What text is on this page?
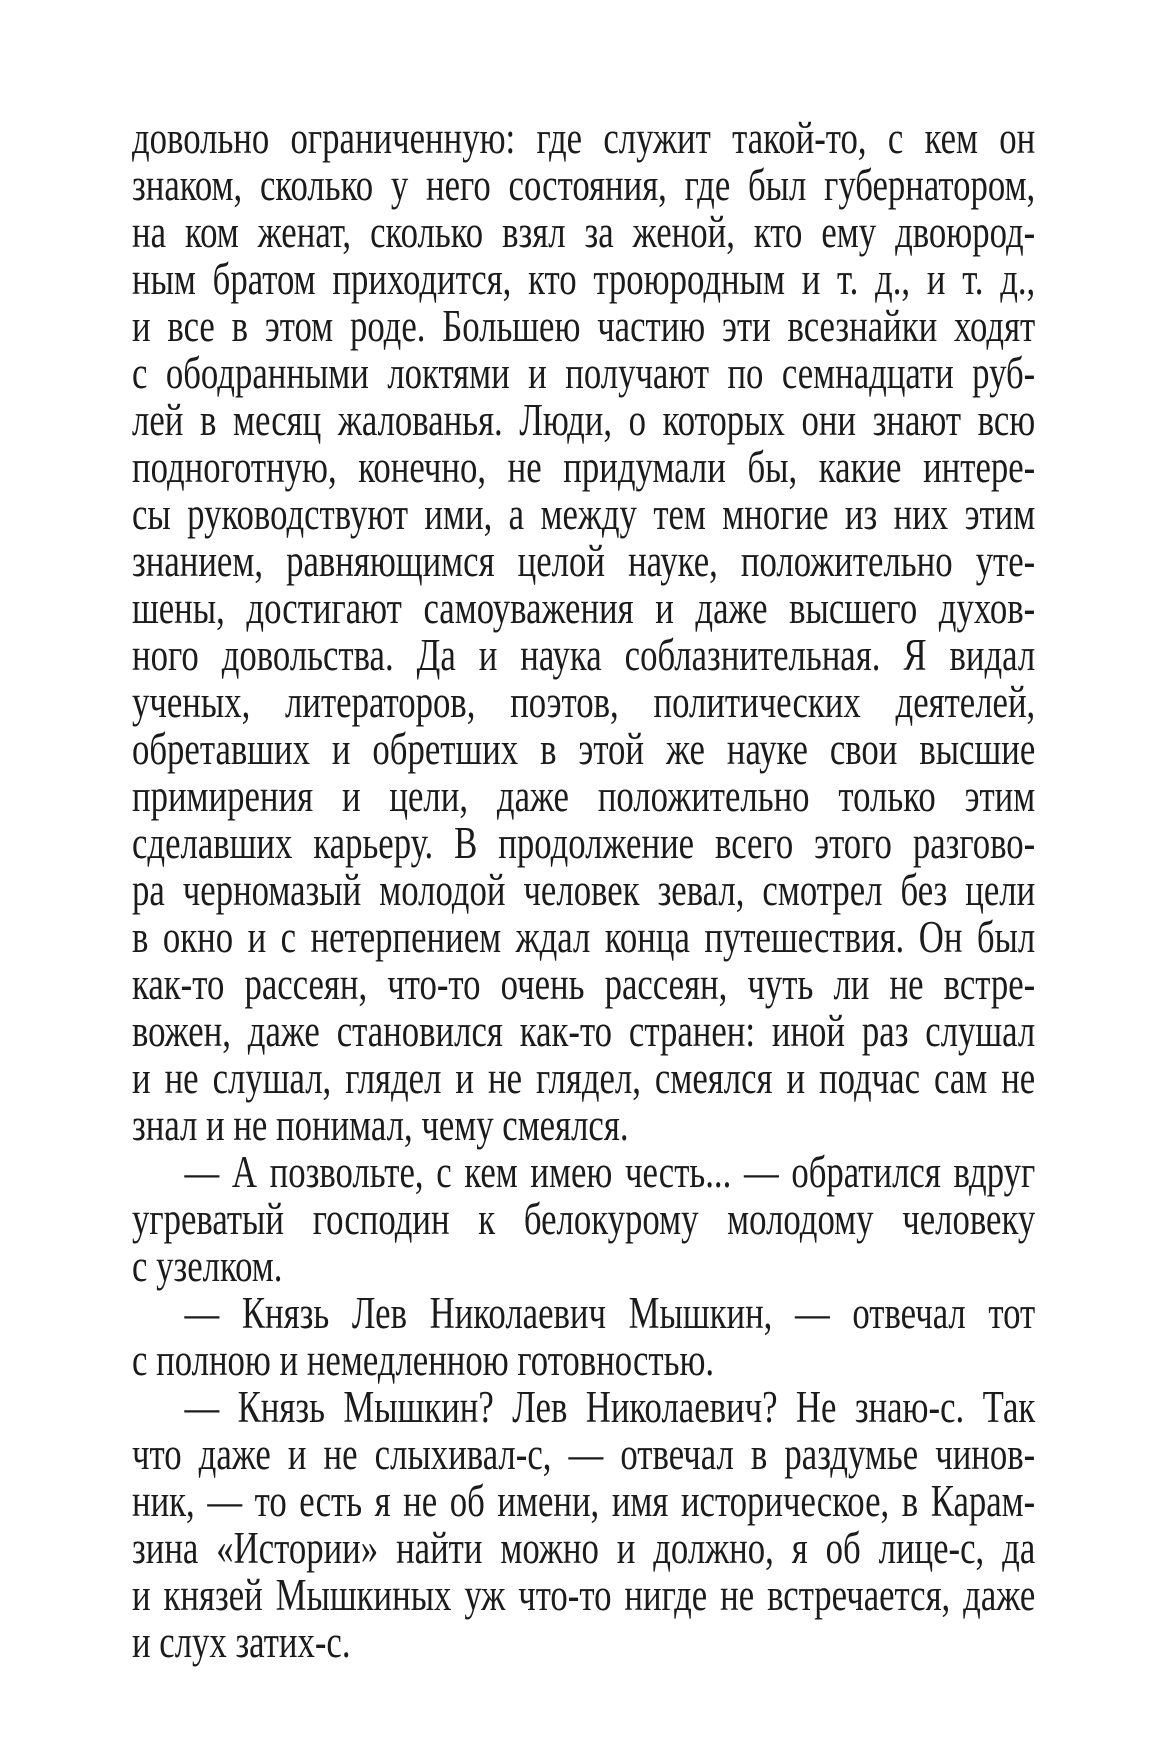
довольно ограниченную: где служит такой-то, с кем он
знаком, сколько у него состояния, где был губернатором,
на ком женат, сколько взял за женой, кто ему двоюрод-
ным братом приходится, кто троюродным и т. д., и т. д.,
и все в этом роде. Большею частию эти всезнайки ходят
с ободранными локтями и получают по семнадцати руб-
лей в месяц жалованья. Люди, о которых они знают всю
подноготную, конечно, не придумали бы, какие интере-
сы руководствуют ими, а между тем многие из них этим
знанием, равняющимся целой науке, положительно уте-
шены, достигают самоуважения и даже высшего духов-
ного довольства. Да и наука соблазнительная. Я видал
ученых, литераторов, поэтов, политических деятелей,
обретавших и обретших в этой же науке свои высшие
примирения и цели, даже положительно только этим
сделавших карьеру. В продолжение всего этого разгово-
ра черномазый молодой человек зевал, смотрел без цели
в окно и с нетерпением ждал конца путешествия. Он был
как-то рассеян, что-то очень рассеян, чуть ли не встре-
вожен, даже становился как-то странен: иной раз слушал
и не слушал, глядел и не глядел, смеялся и подчас сам не
знал и не понимал, чему смеялся.
— А позвольте, с кем имею честь... — обратился вдруг
угреватый господин к белокурому молодому человеку
с узелком.
— Князь Лев Николаевич Мышкин, — отвечал тот
с полною и немедленною готовностью.
— Князь Мышкин? Лев Николаевич? Не знаю-с. Так
что даже и не слыхивал-с, — отвечал в раздумье чинов-
ник, — то есть я не об имени, имя историческое, в Карам-
зина «Истории» найти можно и должно, я об лице-с, да
и князей Мышкиных уж что-то нигде не встречается, даже
и слух затих-с.
